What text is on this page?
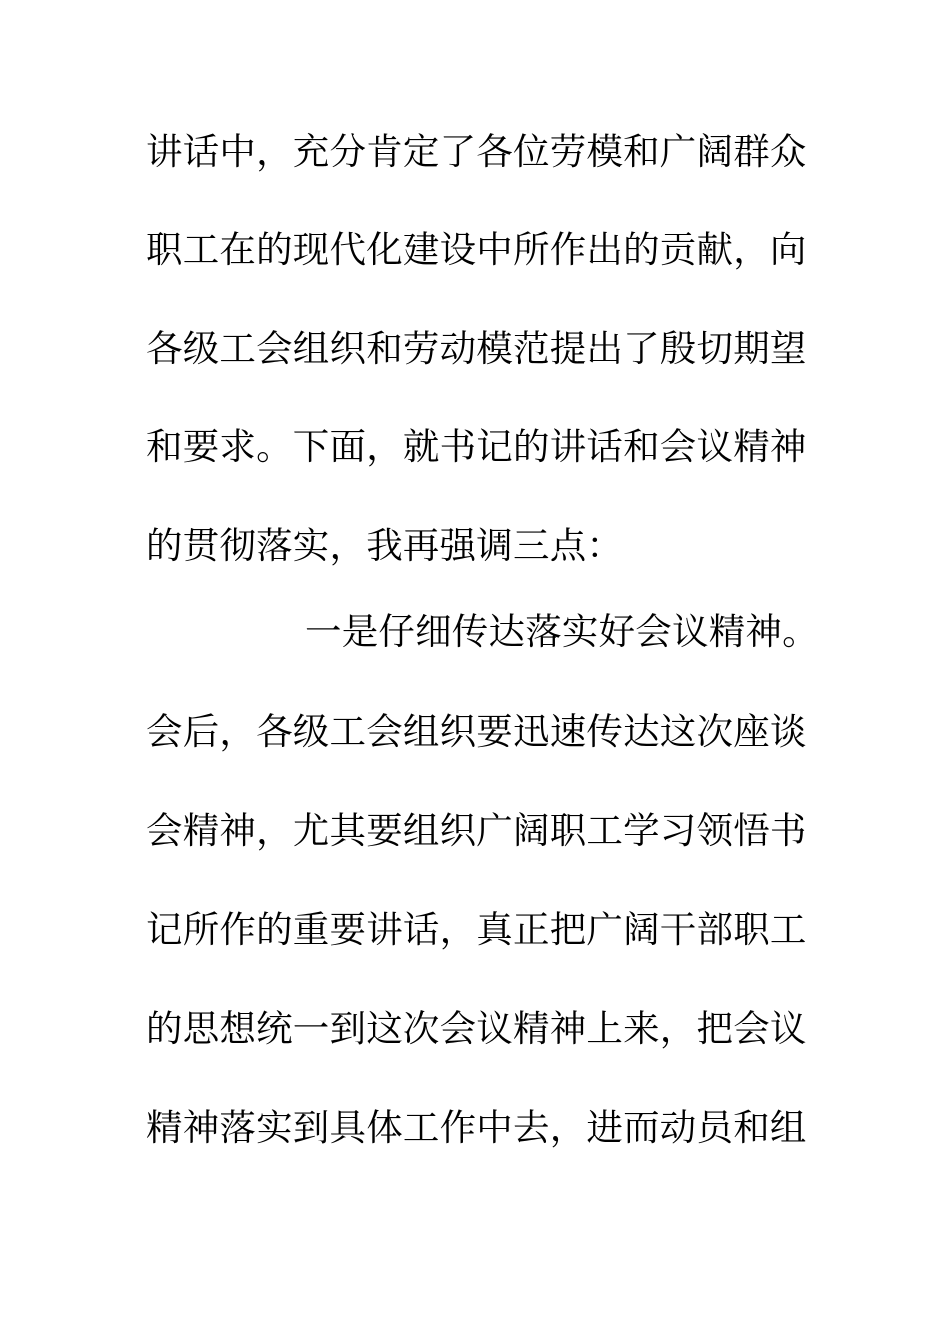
讲话中，充分肯定了各位劳模和广阔群众
职工在的现代化建设中所作出的贡献，向
各级工会组织和劳动模范提出了殷切期望
和要求。下面，就书记的讲话和会议精神
的贯彻落实，我再强调三点：
一是仔细传达落实好会议精神。
会后，各级工会组织要迅速传达这次座谈
会精神，尤其要组织广阔职工学习领悟书
记所作的重要讲话，真正把广阔干部职工
的思想统一到这次会议精神上来，把会议
精神落实到具体工作中去，进而动员和组
